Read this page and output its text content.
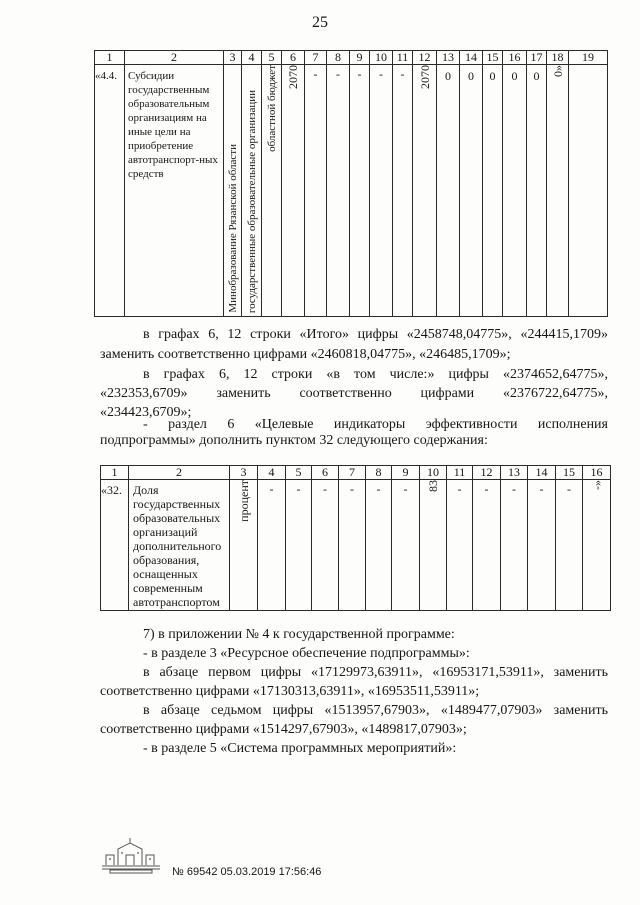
25
1	2	3	4	5	6	7	8	9	10	11	12	13	14	15	16	17	18	19
«4.4.	Субсидии государственным образовательным организациям на иные цели на приобретение автотранспорт-ных средств	Минобразование Рязанской области	государственные образовательные организации	областной бюджет	2070	-	-	-	-	-	2070	0	0	0	0	0	0»	
в графах 6, 12 строки «Итого» цифры «2458748,04775», «244415,1709»
заменить соответственно цифрами «2460818,04775», «246485,1709»;
в графах 6, 12 строки «в том числе:» цифры «2374652,64775»,
«232353,6709» заменить соответственно цифрами «2376722,64775»,
«234423,6709»;
- раздел 6 «Целевые индикаторы эффективности исполнения
подпрограммы» дополнить пунктом 32 следующего содержания:
1	2	3	4	5	6	7	8	9	10	11	12	13	14	15	16
«32.	Доля государственных образовательных организаций дополнительного образования, оснащенных современным автотранспортом	процент	-	-	-	-	-	-	83	-	-	-	-	-	-»
7) в приложении № 4 к государственной программе:
- в разделе 3 «Ресурсное обеспечение подпрограммы»:
в абзаце первом цифры «17129973,63911», «16953171,53911», заменить
соответственно цифрами «17130313,63911», «16953511,53911»;
в абзаце седьмом цифры «1513957,67903», «1489477,07903» заменить
соответственно цифрами «1514297,67903», «1489817,07903»;
- в разделе 5 «Система программных мероприятий»:
№ 69542 05.03.2019 17:56:46
